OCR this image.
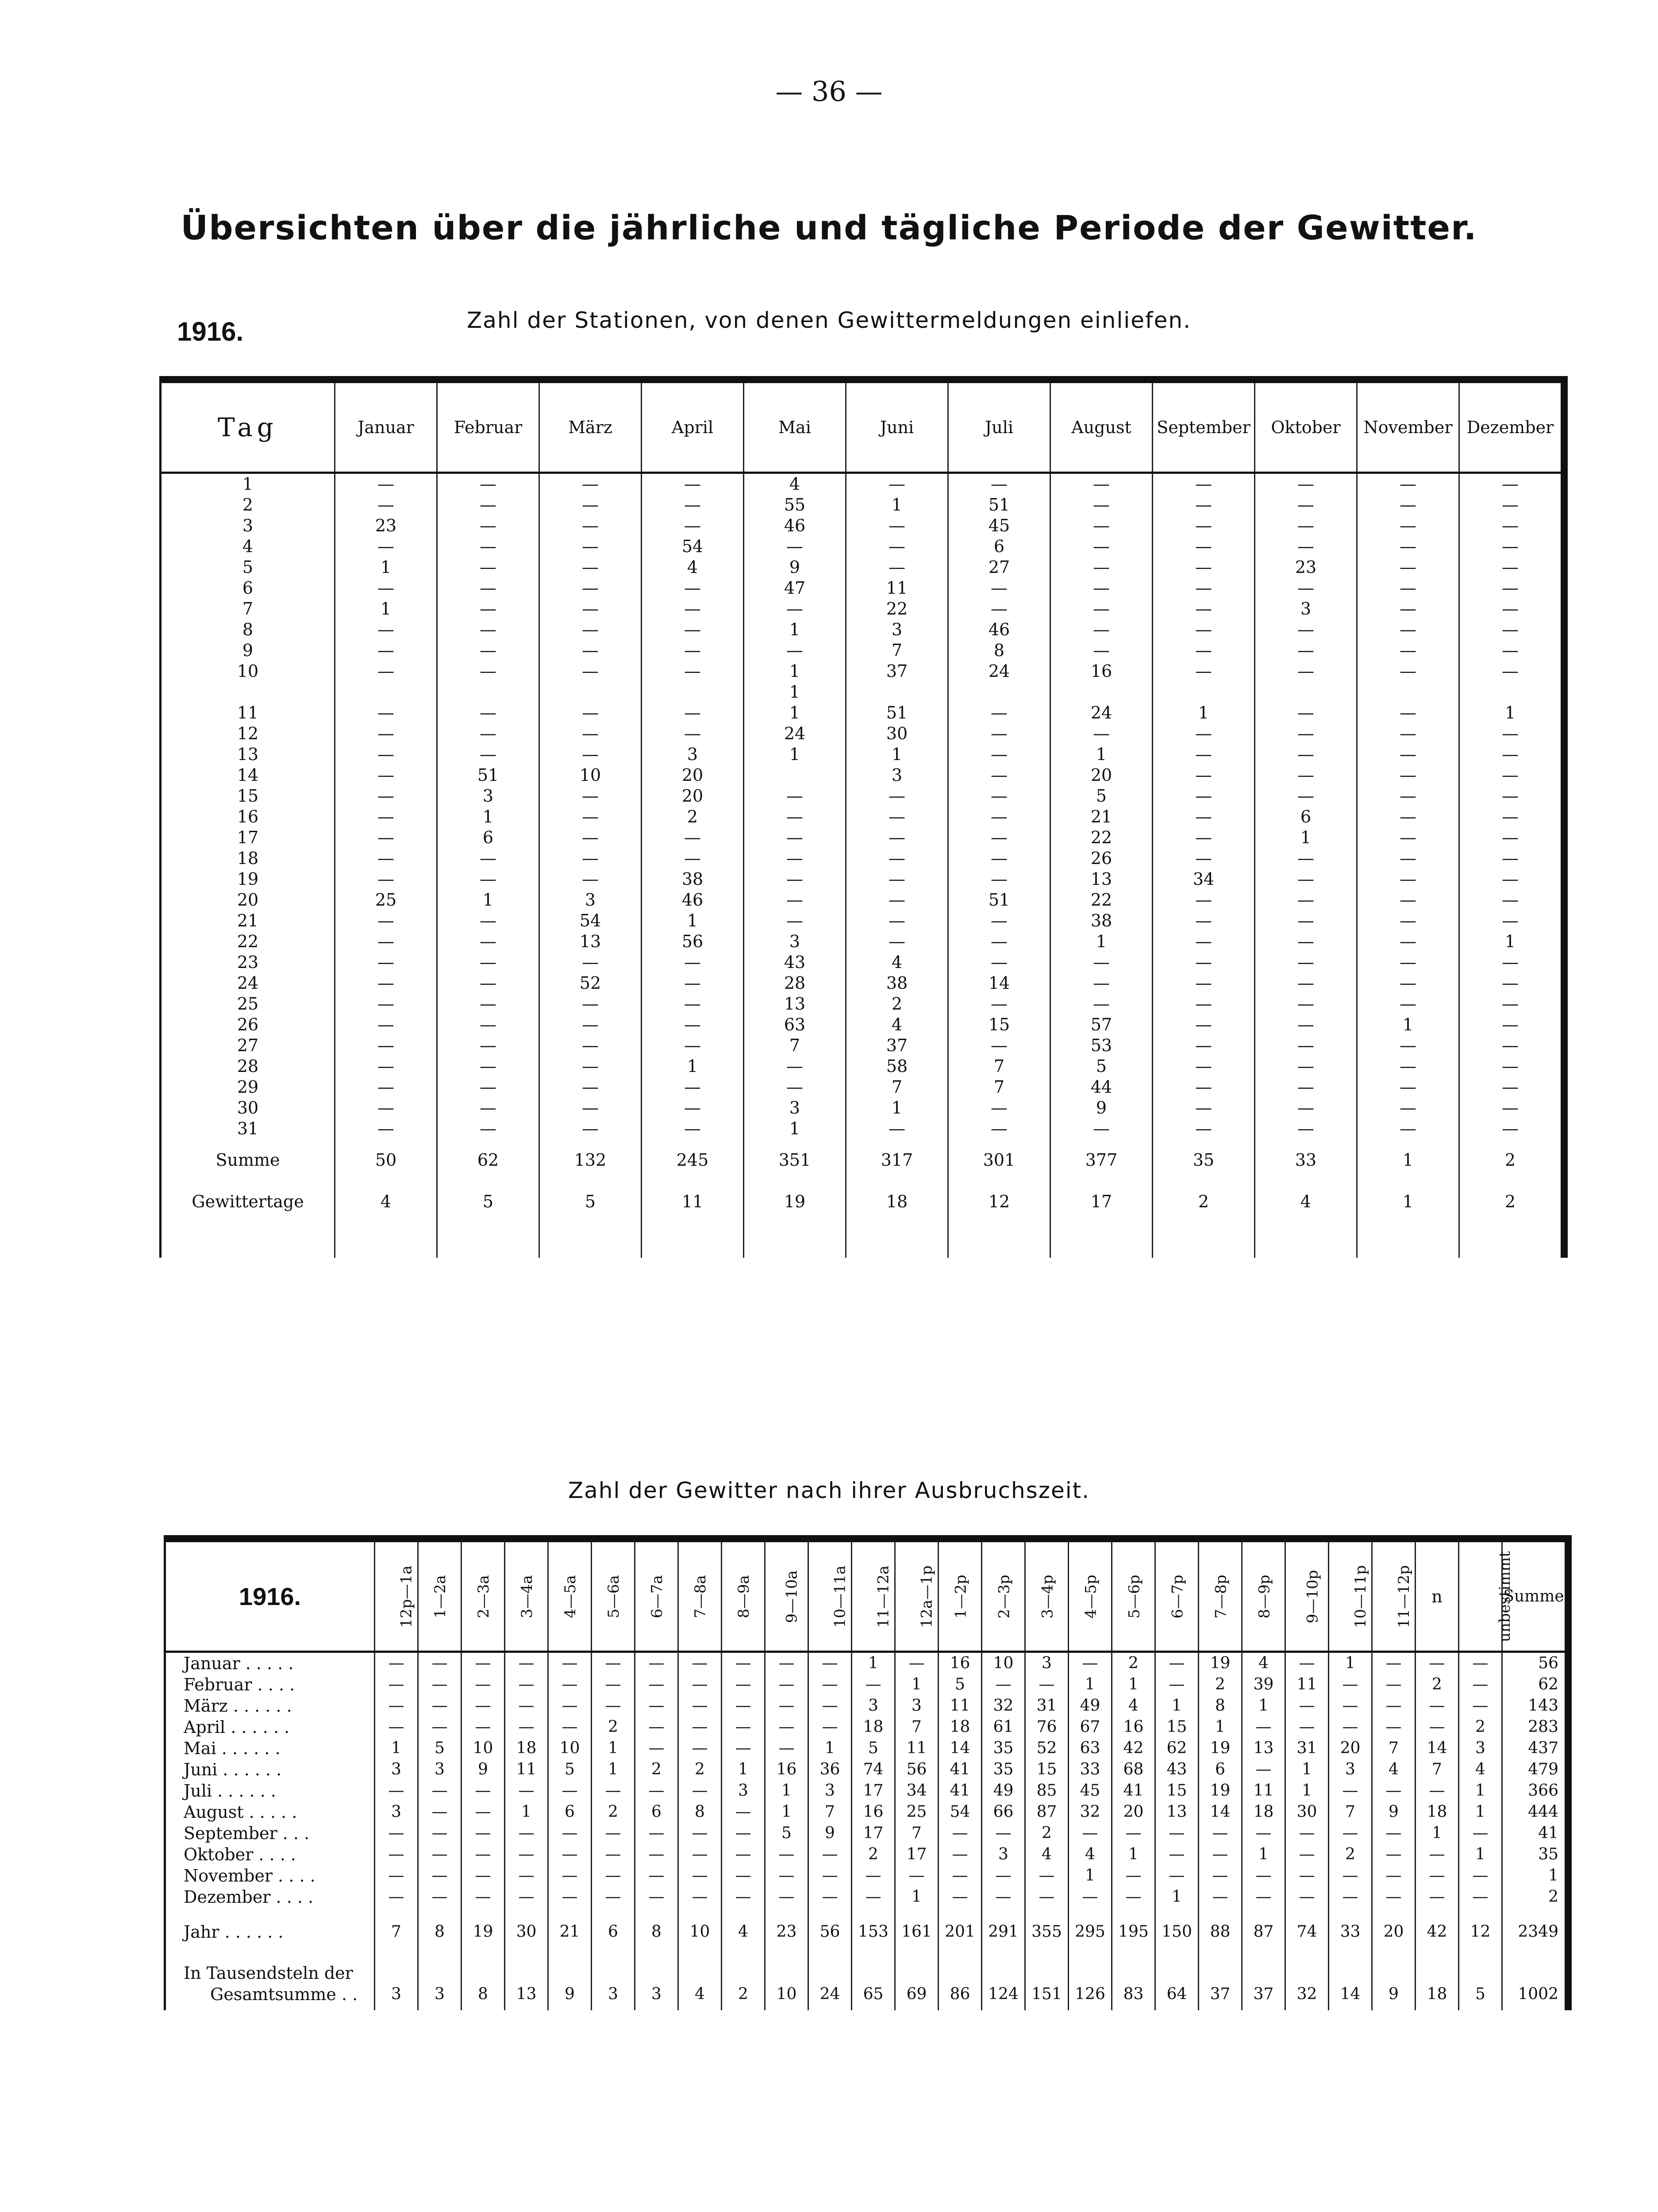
— 36 —
Übersichten über die jährliche und tägliche Periode der Gewitter.
1916.	Zahl der Stationen, von denen Gewittermeldungen einliefen.
Tag	Januar	Februar	März	April	Mai	Juni	Juli	August	September	Oktober	November	Dezember
1	—	—	—	—	4	—	—	—	—	—	—	—
2	—	—	—	—	55	1	51	—	—	—	—	—
3	23	—	—	—	46	—	45	—	—	—	—	—
4	—	—	—	54	—	—	6	—	—	—	—	—
5	1	—	—	4	9	—	27	—	—	23	—	—
6	—	—	—	—	47	11	—	—	—	—	—	—
7	1	—	—	—	—	22	—	—	—	3	—	—
8	—	—	—	—	1	3	46	—	—	—	—	—
9	—	—	—	—	—	7	8	—	—	—	—	—
10	—	—	—	—	1	37	24	16	—	—	—	—
					1							
11	—	—	—	—	1	51	—	24	1	—	—	1
12	—	—	—	—	24	30	—	—	—	—	—	—
13	—	—	—	3	1	1	—	1	—	—	—	—
14	—	51	10	20		3	—	20	—	—	—	—
15	—	3	—	20	—	—	—	5	—	—	—	—
16	—	1	—	2	—	—	—	21	—	6	—	—
17	—	6	—	—	—	—	—	22	—	1	—	—
18	—	—	—	—	—	—	—	26	—	—	—	—
19	—	—	—	38	—	—	—	13	34	—	—	—
20	25	1	3	46	—	—	51	22	—	—	—	—
21	—	—	54	1	—	—	—	38	—	—	—	—
22	—	—	13	56	3	—	—	1	—	—	—	1
23	—	—	—	—	43	4	—	—	—	—	—	—
24	—	—	52	—	28	38	14	—	—	—	—	—
25	—	—	—	—	13	2	—	—	—	—	—	—
26	—	—	—	—	63	4	15	57	—	—	1	—
27	—	—	—	—	7	37	—	53	—	—	—	—
28	—	—	—	1	—	58	7	5	—	—	—	—
29	—	—	—	—	—	7	7	44	—	—	—	—
30	—	—	—	—	3	1	—	9	—	—	—	—
31	—	—	—	—	1	—	—	—	—	—	—	—
Summe	50	62	132	245	351	317	301	377	35	33	1	2
Gewittertage	4	5	5	11	19	18	12	17	2	4	1	2

Zahl der Gewitter nach ihrer Ausbruchszeit.
1916.	12p—1a	1—2a	2—3a	3—4a	4—5a	5—6a	6—7a	7—8a	8—9a	9—10a	10—11a	11—12a	12a—1p	1—2p	2—3p	3—4p	4—5p	5—6p	6—7p	7—8p	8—9p	9—10p	10—11p	11—12p	n	unbestimmt	Summe
Januar . . . . .	—	—	—	—	—	—	—	—	—	—	—	1	—	16	10	3	—	2	—	19	4	—	1	—	—	—	56
Februar . . . .	—	—	—	—	—	—	—	—	—	—	—	—	1	5	—	—	1	1	—	2	39	11	—	—	2	—	62
März . . . . . .	—	—	—	—	—	—	—	—	—	—	—	3	3	11	32	31	49	4	1	8	1	—	—	—	—	—	143
April . . . . . .	—	—	—	—	—	2	—	—	—	—	—	18	7	18	61	76	67	16	15	1	—	—	—	—	—	2	283
Mai . . . . . .	1	5	10	18	10	1	—	—	—	—	1	5	11	14	35	52	63	42	62	19	13	31	20	7	14	3	437
Juni . . . . . .	3	3	9	11	5	1	2	2	1	16	36	74	56	41	35	15	33	68	43	6	—	1	3	4	7	4	479
Juli . . . . . .	—	—	—	—	—	—	—	—	3	1	3	17	34	41	49	85	45	41	15	19	11	1	—	—	—	1	366
August . . . . .	3	—	—	1	6	2	6	8	—	1	7	16	25	54	66	87	32	20	13	14	18	30	7	9	18	1	444
September . . .	—	—	—	—	—	—	—	—	—	5	9	17	7	—	—	2	—	—	—	—	—	—	—	—	1	—	41
Oktober . . . .	—	—	—	—	—	—	—	—	—	—	—	2	17	—	3	4	4	1	—	—	1	—	2	—	—	1	35
November . . . .	—	—	—	—	—	—	—	—	—	—	—	—	—	—	—	—	1	—	—	—	—	—	—	—	—	—	1
Dezember . . . .	—	—	—	—	—	—	—	—	—	—	—	—	1	—	—	—	—	—	1	—	—	—	—	—	—	—	2
Jahr . . . . . .	7	8	19	30	21	6	8	10	4	23	56	153	161	201	291	355	295	195	150	88	87	74	33	20	42	12	2349

In Tausendsteln der
Gesamtsumme . .	3	3	8	13	9	3	3	4	2	10	24	65	69	86	124	151	126	83	64	37	37	32	14	9	18	5	1002
